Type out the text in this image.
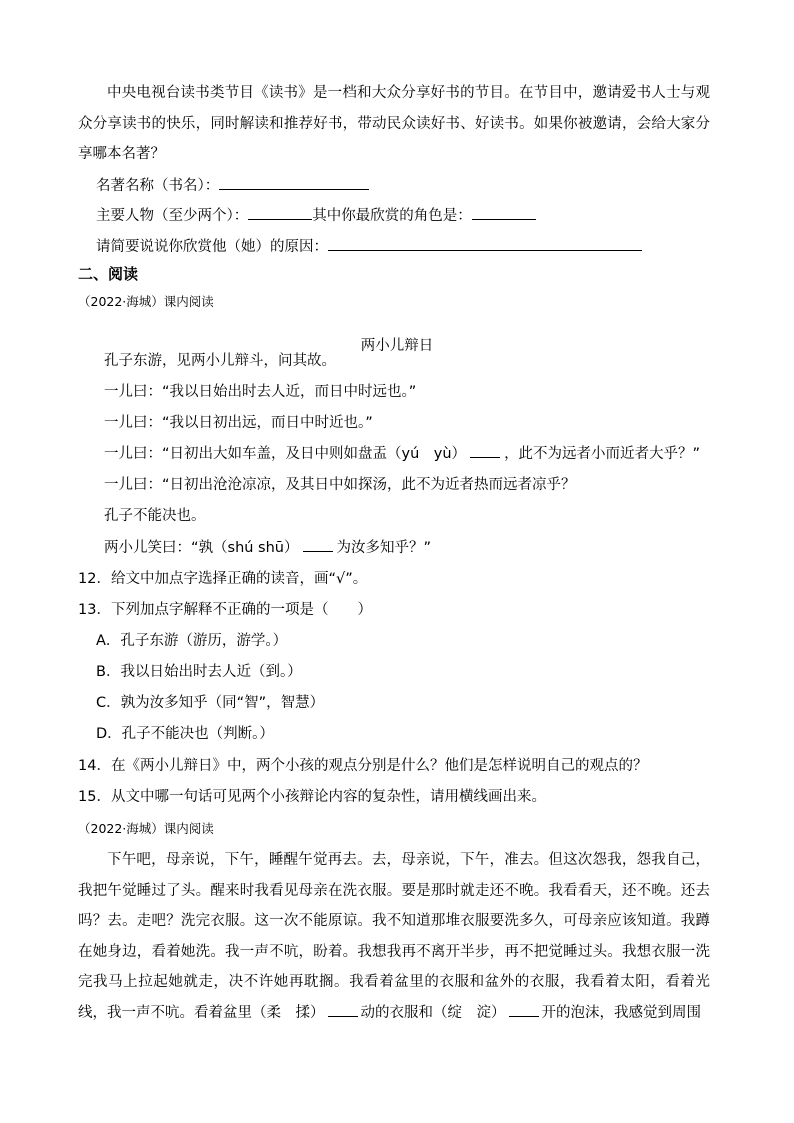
中央电视台读书类节目《读书》是一档和大众分享好书的节目。在节目中，邀请爱书人士与观众分享读书的快乐，同时解读和推荐好书，带动民众读好书、好读书。如果你被邀请，会给大家分享哪本名著？

名著名称（书名）：

主要人物（至少两个）：	其中你最欣赏的角色是：

请简要说说你欣赏他（她）的原因：

二、阅读

（2022·海城）课内阅读

两小儿辩日

孔子东游，见两小儿辩斗，问其故。

一儿曰：“我以日始出时去人近，而日中时远也。”

一儿曰：“我以日初出远，而日中时近也。”

一儿曰：“日初出大如车盖，及日中则如盘盂（yú　yù）	，此不为远者小而近者大乎？”

一儿曰：“日初出沧沧凉凉，及其日中如探汤，此不为近者热而远者凉乎？

孔子不能决也。

两小儿笑曰：“孰（shú shū）	为汝多知乎？”

12．给文中加点字选择正确的读音，画“√”。

13．下列加点字解释不正确的一项是（　　）

A．孔子东游（游历，游学。）

B．我以日始出时去人近（到。）

C．孰为汝多知乎（同“智”，智慧）

D．孔子不能决也（判断。）

14．在《两小儿辩日》中，两个小孩的观点分别是什么？他们是怎样说明自己的观点的？

15．从文中哪一句话可见两个小孩辩论内容的复杂性，请用横线画出来。

（2022·海城）课内阅读

下午吧，母亲说，下午，睡醒午觉再去。去，母亲说，下午，准去。但这次怨我，怨我自己，我把午觉睡过了头。醒来时我看见母亲在洗衣服。要是那时就走还不晚。我看看天，还不晚。还去吗？去。走吧？洗完衣服。这一次不能原谅。我不知道那堆衣服要洗多久，可母亲应该知道。我蹲在她身边，看着她洗。我一声不吭，盼着。我想我再不离开半步，再不把觉睡过头。我想衣服一洗完我马上拉起她就走，决不许她再耽搁。我看着盆里的衣服和盆外的衣服，我看着太阳，看着光线，我一声不吭。看着盆里（柔　揉） 动的衣服和（绽　淀） 开的泡沫，我感觉到周围
